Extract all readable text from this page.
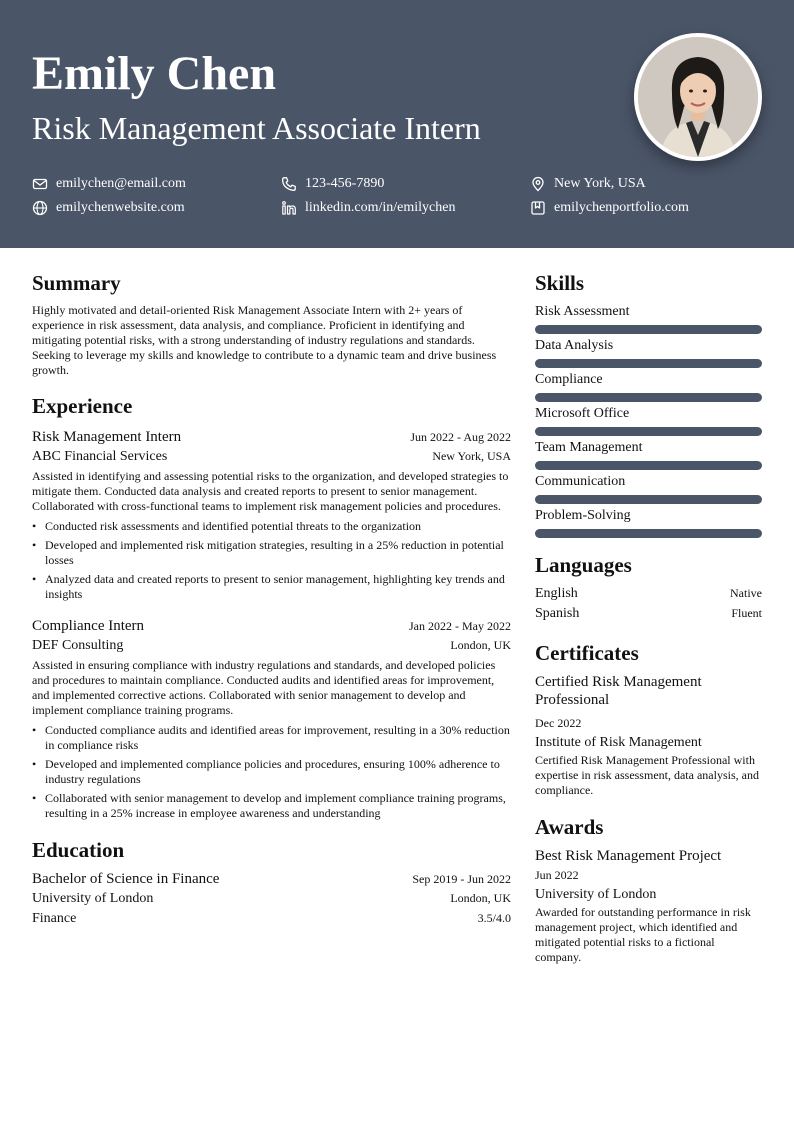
Emily Chen
Risk Management Associate Intern
emilychen@email.com	123-456-7890	New York, USA
emilychenwebsite.com	linkedin.com/in/emilychen	emilychenportfolio.com
Summary

Highly motivated and detail-oriented Risk Management Associate Intern with 2+ years of experience in risk assessment, data analysis, and compliance. Proficient in identifying and mitigating potential risks, with a strong understanding of industry regulations and standards. Seeking to leverage my skills and knowledge to contribute to a dynamic team and drive business growth.

Experience
Risk Management Intern	Jun 2022 - Aug 2022
ABC Financial Services	New York, USA

Assisted in identifying and assessing potential risks to the organization, and developed strategies to mitigate them. Conducted data analysis and created reports to present to senior management. Collaborated with cross-functional teams to implement risk management policies and procedures.

• Conducted risk assessments and identified potential threats to the organization
• Developed and implemented risk mitigation strategies, resulting in a 25% reduction in potential losses
• Analyzed data and created reports to present to senior management, highlighting key trends and insights
Compliance Intern	Jan 2022 - May 2022
DEF Consulting	London, UK

Assisted in ensuring compliance with industry regulations and standards, and developed policies and procedures to maintain compliance. Conducted audits and identified areas for improvement, and implemented corrective actions. Collaborated with senior management to develop and implement compliance training programs.

• Conducted compliance audits and identified areas for improvement, resulting in a 30% reduction in compliance risks
• Developed and implemented compliance policies and procedures, ensuring 100% adherence to industry regulations
• Collaborated with senior management to develop and implement compliance training programs, resulting in a 25% increase in employee awareness and understanding
Education
Bachelor of Science in Finance	Sep 2019 - Jun 2022
University of London	London, UK
Finance	3.5/4.0
Skills
Risk Assessment
Data Analysis
Compliance
Microsoft Office
Team Management
Communication
Problem-Solving
Languages
English	Native
Spanish	Fluent
Certificates
Certified Risk Management Professional
Dec 2022
Institute of Risk Management

Certified Risk Management Professional with expertise in risk assessment, data analysis, and compliance.

Awards
Best Risk Management Project
Jun 2022
University of London

Awarded for outstanding performance in risk management project, which identified and mitigated potential risks to a fictional company.
